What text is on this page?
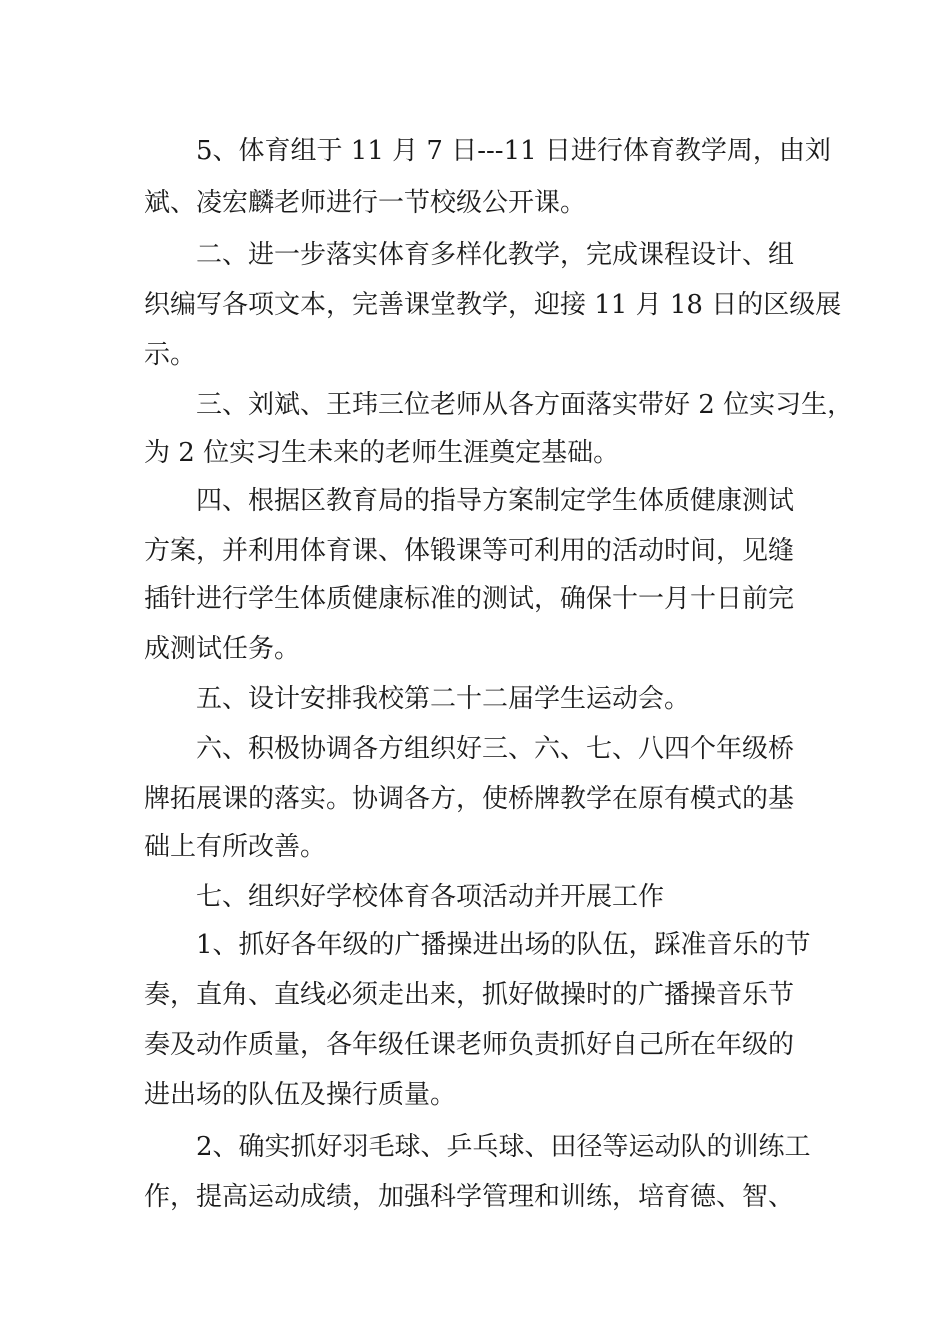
5、体育组于 11 月 7 日---11 日进行体育教学周，由刘
斌、凌宏麟老师进行一节校级公开课。
二、进一步落实体育多样化教学，完成课程设计、组
织编写各项文本，完善课堂教学，迎接 11 月 18 日的区级展
示。
三、刘斌、王玮三位老师从各方面落实带好 2 位实习生，
为 2 位实习生未来的老师生涯奠定基础。
四、根据区教育局的指导方案制定学生体质健康测试
方案，并利用体育课、体锻课等可利用的活动时间，见缝
插针进行学生体质健康标准的测试，确保十一月十日前完
成测试任务。
五、设计安排我校第二十二届学生运动会。
六、积极协调各方组织好三、六、七、八四个年级桥
牌拓展课的落实。协调各方，使桥牌教学在原有模式的基
础上有所改善。
七、组织好学校体育各项活动并开展工作
1、抓好各年级的广播操进出场的队伍，踩准音乐的节
奏，直角、直线必须走出来，抓好做操时的广播操音乐节
奏及动作质量，各年级任课老师负责抓好自己所在年级的
进出场的队伍及操行质量。
2、确实抓好羽毛球、乒乓球、田径等运动队的训练工
作，提高运动成绩，加强科学管理和训练，培育德、智、
